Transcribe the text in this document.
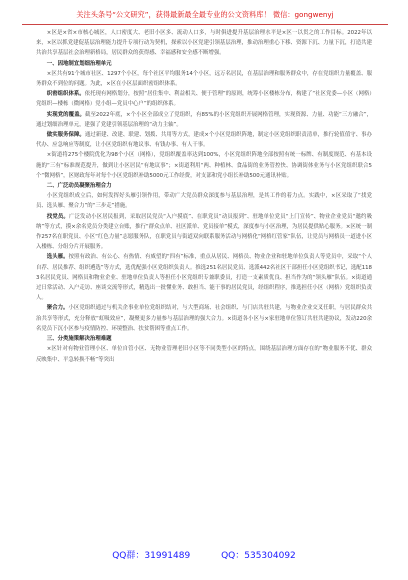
关注头条号“公文研究”，获得最新最全最专业的公文资料库！ 微信：gongwenyj

×区是×省×市核心城区，人口密度大、老旧小区多、流动人口多，与时俱进提升基层治理水平是×区一以贯之的工作目标。2022年以来，×区以抓党建促基层治理能力提升专项行动为契机，探索以小区党建引领基层治理，推动治理重心下移、资源下沉、力量下沉，打造共建共治共享基层社会治理新格局，居民群众的获得感、幸福感和安全感不断增强。

一、因地制宜划细治理单元

×区共有91个城市社区、1297个小区，每个社区平均服务14个小区，远万名居民，在基层治理和服务群众中，存在党组织力量覆盖、服务群众不到位的问题。为此，×区在小区层面织密组织体系。

织密组织体系。依托现有网格划分，按照“居住集中、利益相关、便于管理”的原则，统筹小区楼栋分布，构建了“社区党委—小区（网格）党组织—楼栋（微网格）党小组—党员中心户”的组织体系。

实现党的覆盖。截至2022年底，×个小区全部成立了党组织，有85%的小区党组织开展网格管理，实现资源、力量、功能“三方融合”，通过划细治理单元，建强了党建引领基层治理的“动力主轴”。

做实服务保障。通过新建、改建、联建、划拨、共用等方式，建成×个小区党组织阵地，制定小区党组织职责清单，推行轮值值守、事办代办、应急响应等制度，让小区党组织有地议事、有钱办事、有人干事。

×街道将275个楼院优化为98个小区（网格），党组织覆盖率达到100%，小区党组织阵地全部按照有统一标牌、有制度规范、有基本设施的“三有”标准规范提升，做到让小区居民“有地议事”；×街道利用“两、种植林、食品街的业务管控快、协调街体业务与小区党组织联合5个“微网格”，区财政每年对每个小区党组织补助5000元工作经费，对支部和党小组长补助500元通讯补贴。

二、广泛动员凝聚治理合力

小区党组织成立后，如何发挥好头雁引领作用，带动广大党员群众深度参与基层治理，是其工作的着力点。实践中，×区采取了“找党员、选头雁、聚合力”的“三步走”措施。

找党员。广泛发动小区居民报到，采取居民党员“入户摸底”、在职党员“动员报到”、驻地单位党员“上门宣传”、物业企业党员“邀约吸纳”等方式，摸×余名党员分类建立台账，推行“群众点单、社区派单、党员接单”模式，深度参与小区治理，为居民提供贴心服务。×区统一制作257名在职党员、小区“红色力量”志愿服务队，在职党员与街道双向联系服务活动与网格化“网格红管家”队伍，让党员与网格员一道进小区入楼栋、分组分片开展服务。

选头雁。按照有政治、有公心、有热情、有威望的“四有”标准，重点从居民、网格员、物业企业和驻地单位负责人等党员中，采取“个人自荐、居民推荐、组织遴选”等方式，选优配强小区党组织负责人。推选251名居民党员、选派442名社区干部担任小区党组织书记，选配1183名居民党员、网格员和物业企业、驻地单位负责人等担任小区党组织专兼职委员，打造一支素质优良、担当作为的“领头雁”队伍。×街道通过日常活动、入户走访、座谈交流等形式，精选出一批懂业务、敢担当、能干事的居民党员，经组织程序，推选担任小区（网格）党组织负责人。

聚合力。小区党组织通过与机关企事业单位党组织结对，与大型商场、社会组织、与门店共驻共建，与物业企业交叉任职，与居民群众共治共享等形式，充分释放“虹吸效应”，凝聚更多力量参与基层治理的强大合力。×街道各小区与×家驻地单位签订共驻共建协议，发动220余名党员下沉小区参与疫情防控、环境整治、扶贫帮困等重点工作。

三、分类施策解决治理难题

×区针对有物业管理小区、单位自管小区、无物业管理老旧小区等不同类型小区的特点，围绕基层治理方面存在的“物业服务不优、群众反映集中、平急转换不畅”等突出

QQ群：31991489	QQ：535304092
